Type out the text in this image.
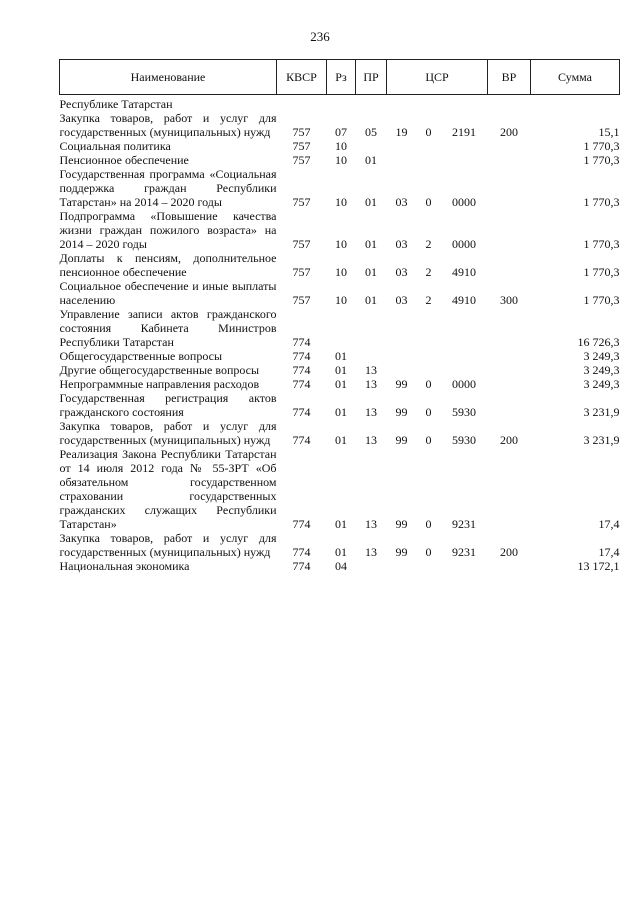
236
Наименование	КВСР	Рз	ПР	ЦСР			ВР	Сумма
Республике Татарстан								
Закупка товаров, работ и услуг для государственных (муниципальных) нужд	757	07	05	19	0	2191	200	15,1
Социальная политика	757	10						1 770,3
Пенсионное обеспечение	757	10	01					1 770,3
Государственная программа «Социальная поддержка граждан Республики Татарстан» на 2014 – 2020 годы	757	10	01	03	0	0000		1 770,3
Подпрограмма «Повышение качества жизни граждан пожилого возраста» на 2014 – 2020 годы	757	10	01	03	2	0000		1 770,3
Доплаты к пенсиям, дополнительное пенсионное обеспечение	757	10	01	03	2	4910		1 770,3
Социальное обеспечение и иные выплаты населению	757	10	01	03	2	4910	300	1 770,3
Управление записи актов гражданского состояния Кабинета Министров Республики Татарстан	774							16 726,3
Общегосударственные вопросы	774	01						3 249,3
Другие общегосударственные вопросы	774	01	13					3 249,3
Непрограммные направления расходов	774	01	13	99	0	0000		3 249,3
Государственная регистрация актов гражданского состояния	774	01	13	99	0	5930		3 231,9
Закупка товаров, работ и услуг для государственных (муниципальных) нужд	774	01	13	99	0	5930	200	3 231,9
Реализация Закона Республики Татарстан от 14 июля 2012 года № 55-ЗРТ «Об обязательном государственном страховании государственных гражданских служащих Республики Татарстан»	774	01	13	99	0	9231		17,4
Закупка товаров, работ и услуг для государственных (муниципальных) нужд	774	01	13	99	0	9231	200	17,4
Национальная экономика	774	04						13 172,1
